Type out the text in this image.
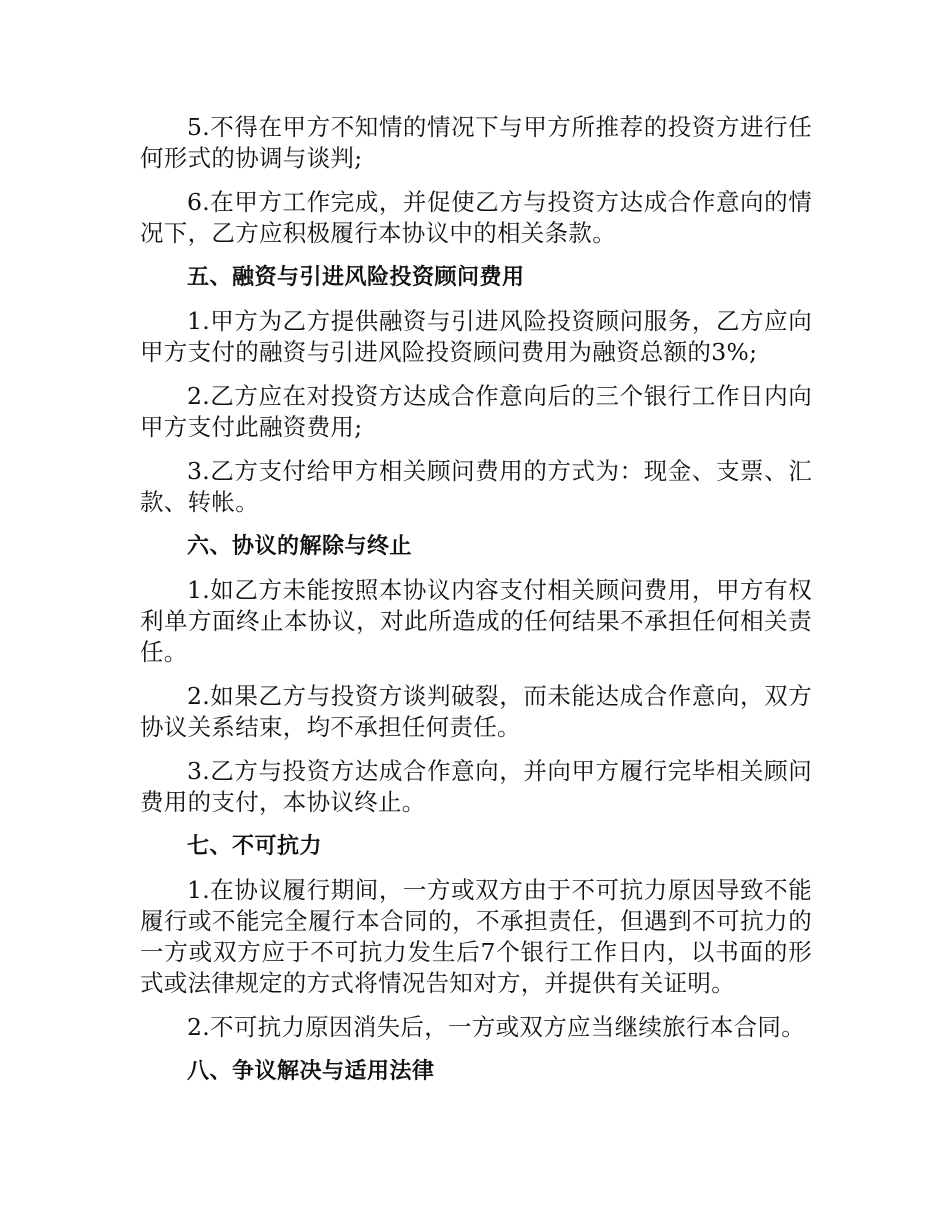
5.不得在甲方不知情的情况下与甲方所推荐的投资方进行任何形式的协调与谈判;

6.在甲方工作完成，并促使乙方与投资方达成合作意向的情况下，乙方应积极履行本协议中的相关条款。

五、融资与引进风险投资顾问费用

1.甲方为乙方提供融资与引进风险投资顾问服务，乙方应向甲方支付的融资与引进风险投资顾问费用为融资总额的3%;

2.乙方应在对投资方达成合作意向后的三个银行工作日内向甲方支付此融资费用;

3.乙方支付给甲方相关顾问费用的方式为：现金、支票、汇款、转帐。

六、协议的解除与终止

1.如乙方未能按照本协议内容支付相关顾问费用，甲方有权利单方面终止本协议，对此所造成的任何结果不承担任何相关责任。

2.如果乙方与投资方谈判破裂，而未能达成合作意向，双方协议关系结束，均不承担任何责任。

3.乙方与投资方达成合作意向，并向甲方履行完毕相关顾问费用的支付，本协议终止。

七、不可抗力

1.在协议履行期间，一方或双方由于不可抗力原因导致不能履行或不能完全履行本合同的，不承担责任，但遇到不可抗力的一方或双方应于不可抗力发生后7个银行工作日内，以书面的形式或法律规定的方式将情况告知对方，并提供有关证明。

2.不可抗力原因消失后，一方或双方应当继续旅行本合同。

八、争议解决与适用法律
